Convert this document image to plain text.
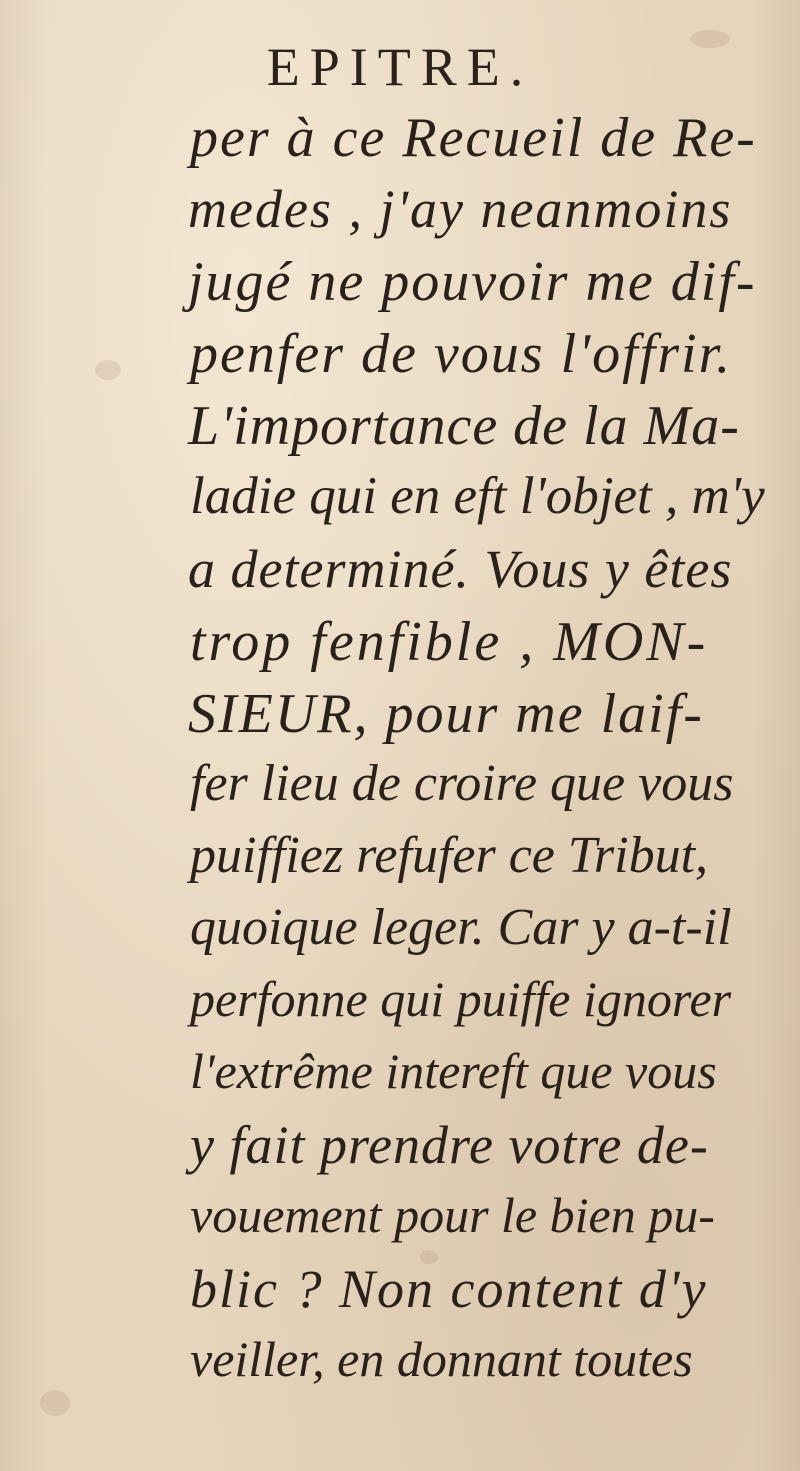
EPITRE.
per à ce Recueil de Re-
medes , j'ay neanmoins
jugé ne pouvoir me dif-
penfer de vous l'offrir.
L'importance de la Ma-
ladie qui en eft l'objet , m'y
a determiné. Vous y êtes
trop fenfible , MON-
SIEUR, pour me laif-
fer lieu de croire que vous
puiffiez refufer ce Tribut,
quoique leger. Car y a-t-il
perfonne qui puiffe ignorer
l'extrême intereft que vous
y fait prendre votre de-
vouement pour le bien pu-
blic ? Non content d'y
veiller, en donnant toutes
